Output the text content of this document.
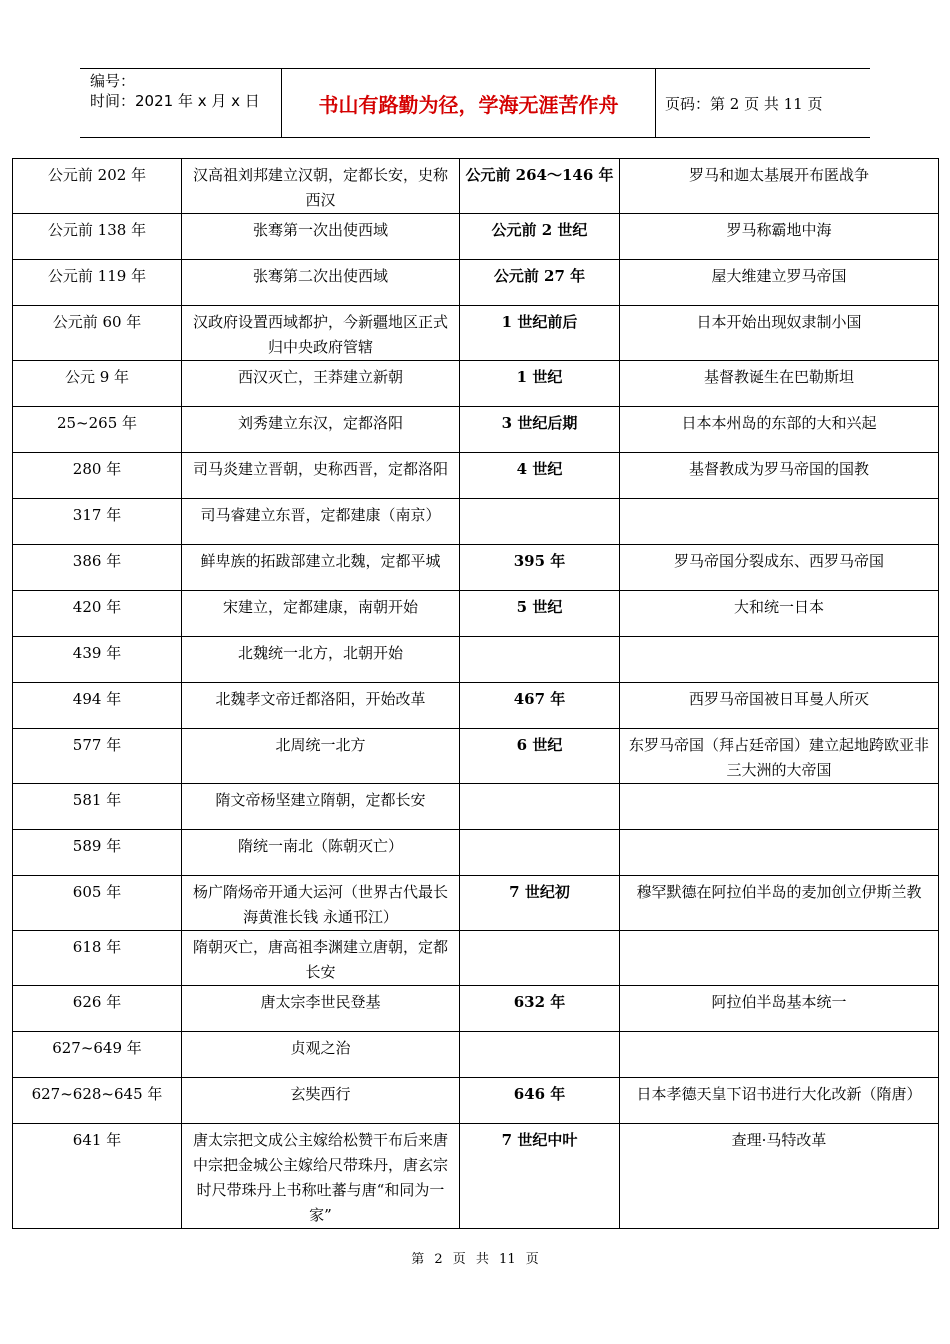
编号：
时间：2021 年 x 月 x 日	书山有路勤为径，学海无涯苦作舟	页码：第 2 页 共 11 页
公元前 202 年	汉高祖刘邦建立汉朝，定都长安，史称西汉	公元前 264～146 年	罗马和迦太基展开布匿战争
公元前 138 年	张骞第一次出使西域	公元前 2 世纪	罗马称霸地中海
公元前 119 年	张骞第二次出使西域	公元前 27 年	屋大维建立罗马帝国
公元前 60 年	汉政府设置西域都护，今新疆地区正式归中央政府管辖	1 世纪前后	日本开始出现奴隶制小国
公元 9 年	西汉灭亡，王莽建立新朝	1 世纪	基督教诞生在巴勒斯坦
25~265 年	刘秀建立东汉，定都洛阳	3 世纪后期	日本本州岛的东部的大和兴起
280 年	司马炎建立晋朝，史称西晋，定都洛阳	4 世纪	基督教成为罗马帝国的国教
317 年	司马睿建立东晋，定都建康（南京）		
386 年	鲜卑族的拓跋部建立北魏，定都平城	395 年	罗马帝国分裂成东、西罗马帝国
420 年	宋建立，定都建康，南朝开始	5 世纪	大和统一日本
439 年	北魏统一北方，北朝开始		
494 年	北魏孝文帝迁都洛阳，开始改革	467 年	西罗马帝国被日耳曼人所灭
577 年	北周统一北方	6 世纪	东罗马帝国（拜占廷帝国）建立起地跨欧亚非三大洲的大帝国
581 年	隋文帝杨坚建立隋朝，定都长安		
589 年	隋统一南北（陈朝灭亡）		
605 年	杨广隋炀帝开通大运河（世界古代最长 海黄淮长钱 永通邗江）	7 世纪初	穆罕默德在阿拉伯半岛的麦加创立伊斯兰教
618 年	隋朝灭亡，唐高祖李渊建立唐朝，定都长安		
626 年	唐太宗李世民登基	632 年	阿拉伯半岛基本统一
627~649 年	贞观之治		
627~628~645 年	玄奘西行	646 年	日本孝德天皇下诏书进行大化改新（隋唐）
641 年	唐太宗把文成公主嫁给松赞干布后来唐中宗把金城公主嫁给尺带珠丹，唐玄宗时尺带珠丹上书称吐蕃与唐“和同为一家”	7 世纪中叶	查理·马特改革
第 2 页 共 11 页
